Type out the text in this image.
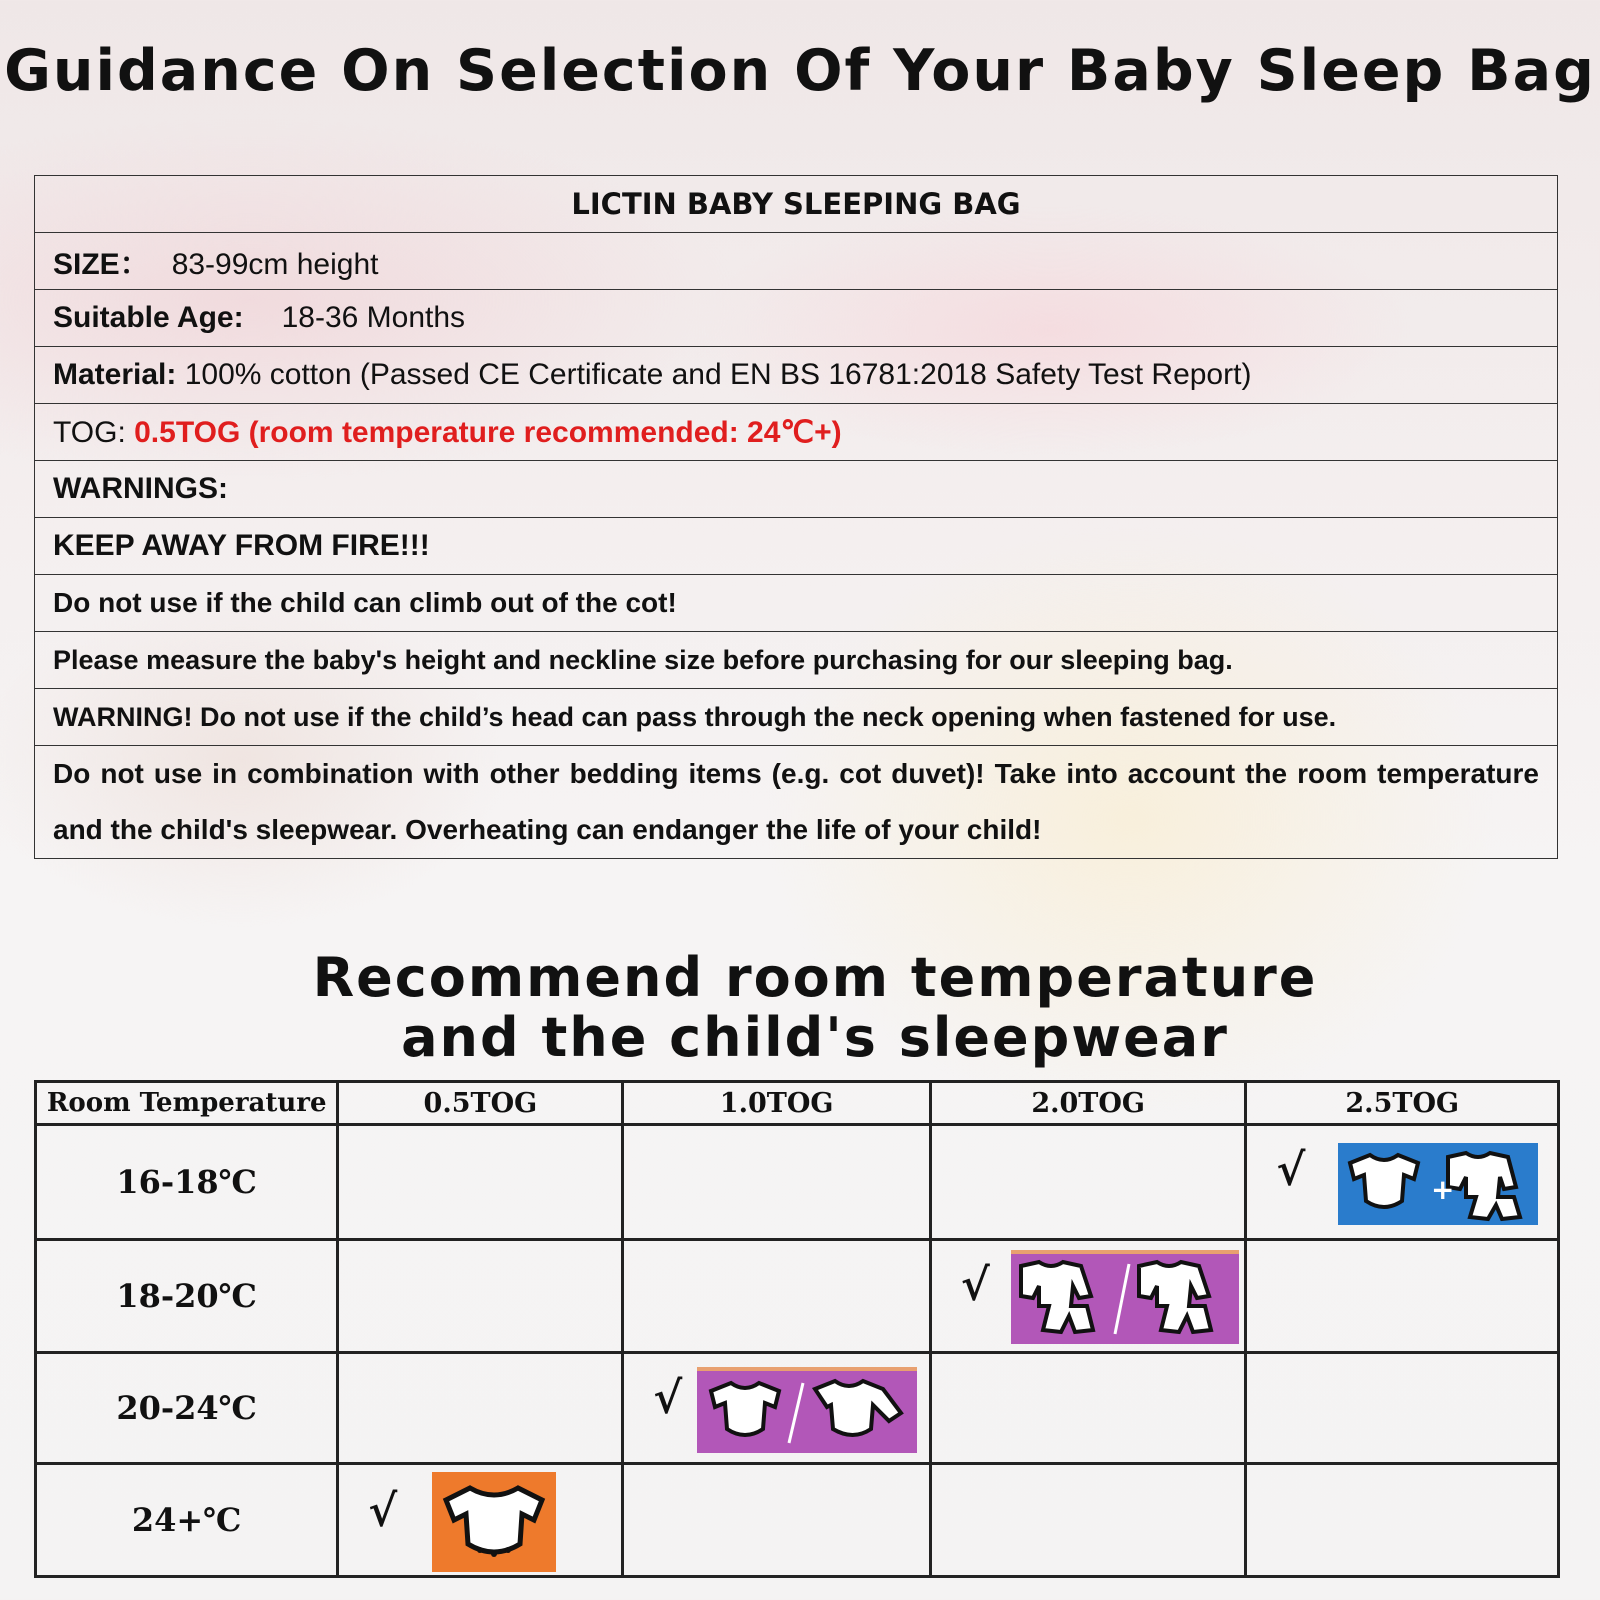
Guidance On Selection Of Your Baby Sleep Bag
LICTIN BABY SLEEPING BAG
SIZE： 83-99cm height
Suitable Age: 18-36 Months
Material: 100% cotton (Passed CE Certificate and EN BS 16781:2018 Safety Test Report)
TOG: 0.5TOG (room temperature recommended: 24℃+)
WARNINGS:
KEEP AWAY FROM FIRE!!!
Do not use if the child can climb out of the cot!
Please measure the baby's height and neckline size before purchasing for our sleeping bag.
WARNING! Do not use if the child’s head can pass through the neck opening when fastened for use.
Do not use in combination with other bedding items (e.g. cot duvet)! Take into account the room temperature and the child's sleepwear. Overheating can endanger the life of your child!
Recommend room temperature
and the child's sleepwear
Room Temperature	0.5TOG	1.0TOG	2.0TOG	2.5TOG
16-18℃				√ +

18-20℃			√	

20-24℃		√		

24+℃	√			
